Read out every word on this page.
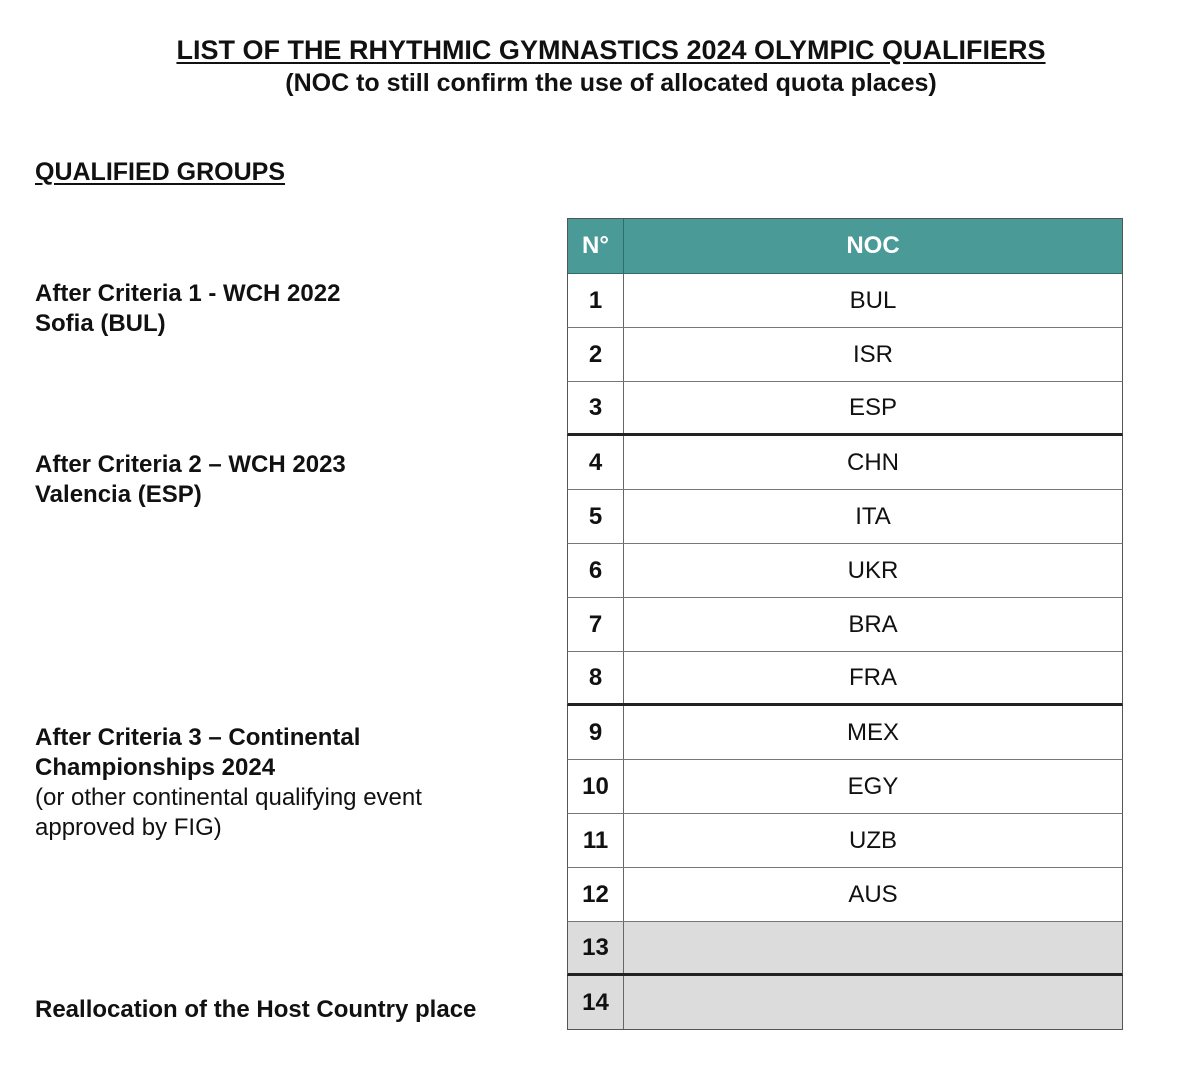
LIST OF THE RHYTHMIC GYMNASTICS 2024 OLYMPIC QUALIFIERS
(NOC to still confirm the use of allocated quota places)
QUALIFIED GROUPS
After Criteria 1 - WCH 2022
Sofia (BUL)
After Criteria 2 – WCH 2023
Valencia (ESP)
After Criteria 3 – Continental
Championships 2024
(or other continental qualifying event
approved by FIG)
Reallocation of the Host Country place
N°	NOC
1	BUL
2	ISR
3	ESP
4	CHN
5	ITA
6	UKR
7	BRA
8	FRA
9	MEX
10	EGY
11	UZB
12	AUS
13
14
